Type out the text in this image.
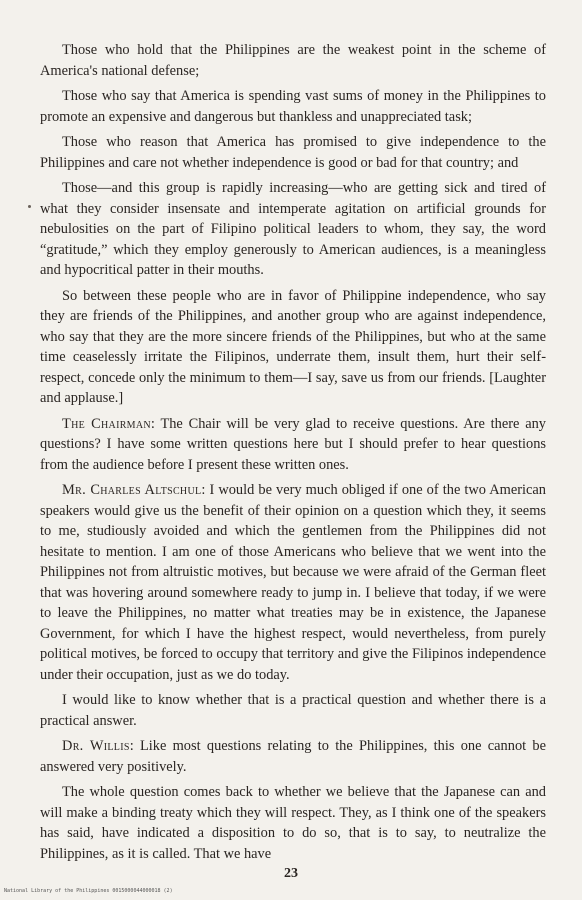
Those who hold that the Philippines are the weakest point in the scheme of America's national defense;

Those who say that America is spending vast sums of money in the Philippines to promote an expensive and dangerous but thankless and unappreciated task;

Those who reason that America has promised to give independence to the Philippines and care not whether independence is good or bad for that country; and

Those—and this group is rapidly increasing—who are getting sick and tired of what they consider insensate and intemperate agitation on artificial grounds for nebulosities on the part of Filipino political leaders to whom, they say, the word “gratitude,” which they employ generously to American audiences, is a meaningless and hypocritical patter in their mouths.

So between these people who are in favor of Philippine independence, who say they are friends of the Philippines, and another group who are against independence, who say that they are the more sincere friends of the Philippines, but who at the same time ceaselessly irritate the Filipinos, underrate them, insult them, hurt their self-respect, concede only the minimum to them—I say, save us from our friends. [Laughter and applause.]

The Chairman: The Chair will be very glad to receive questions. Are there any questions? I have some written questions here but I should prefer to hear questions from the audience before I present these written ones.

Mr. Charles Altschul: I would be very much obliged if one of the two American speakers would give us the benefit of their opinion on a question which they, it seems to me, studiously avoided and which the gentlemen from the Philippines did not hesitate to mention. I am one of those Americans who believe that we went into the Philippines not from altruistic motives, but because we were afraid of the German fleet that was hovering around somewhere ready to jump in. I believe that today, if we were to leave the Philippines, no matter what treaties may be in existence, the Japanese Government, for which I have the highest respect, would nevertheless, from purely political motives, be forced to occupy that territory and give the Filipinos independence under their occupation, just as we do today.

I would like to know whether that is a practical question and whether there is a practical answer.

Dr. Willis: Like most questions relating to the Philippines, this one cannot be answered very positively.

The whole question comes back to whether we believe that the Japanese can and will make a binding treaty which they will respect. They, as I think one of the speakers has said, have indicated a disposition to do so, that is to say, to neutralize the Philippines, as it is called. That we have

23
National Library of the Philippines 0015000044000018 (2)
